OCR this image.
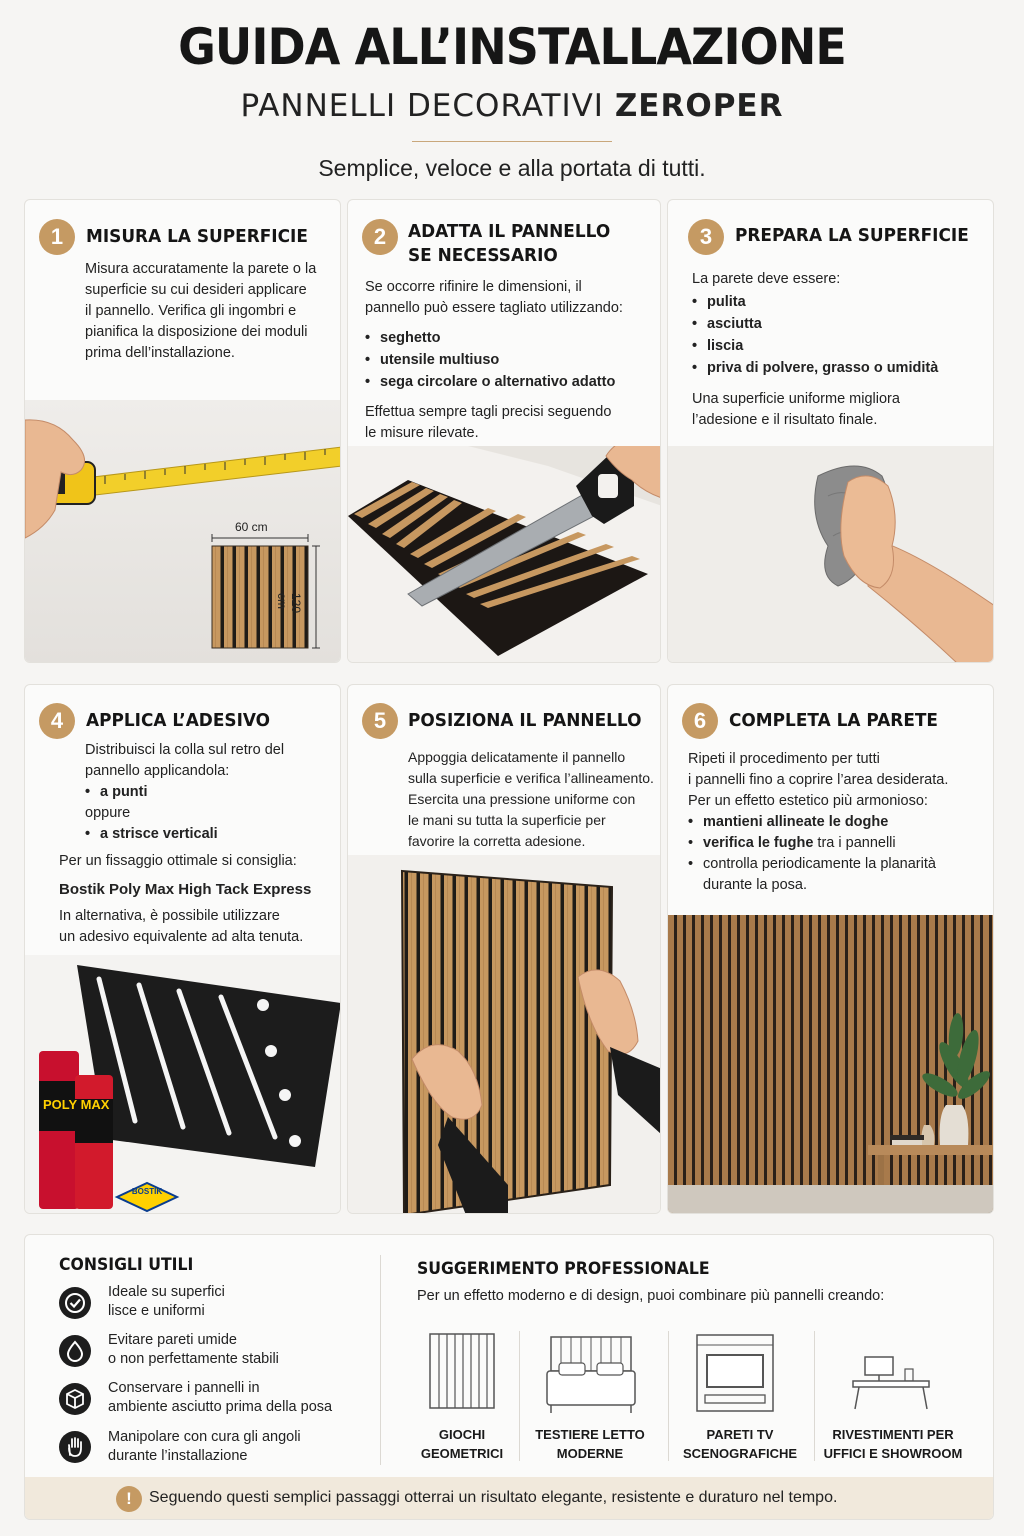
GUIDA ALL’INSTALLAZIONE
PANNELLI DECORATIVI ZEROPER
Semplice, veloce e alla portata di tutti.
1	MISURA LA SUPERFICIE
Misura accuratamente la parete o la
superficie su cui desideri applicare
il pannello. Verifica gli ingombri e
pianifica la disposizione dei moduli
prima dell’installazione.
60 cm
120 cm
2	ADATTA IL PANNELLO
SE NECESSARIO
Se occorre rifinire le dimensioni, il
pannello può essere tagliato utilizzando:
• seghetto
• utensile multiuso
• sega circolare o alternativo adatto
Effettua sempre tagli precisi seguendo
le misure rilevate.
3	PREPARA LA SUPERFICIE
La parete deve essere:
• pulita
• asciutta
• liscia
• priva di polvere, grasso o umidità
Una superficie uniforme migliora
l’adesione e il risultato finale.
4	APPLICA L’ADESIVO
Distribuisci la colla sul retro del
pannello applicandola:
• a punti
oppure
• a strisce verticali
Per un fissaggio ottimale si consiglia:
Bostik Poly Max High Tack Express
In alternativa, è possibile utilizzare
un adesivo equivalente ad alta tenuta.
POLY MAX
BOSTIK
5	POSIZIONA IL PANNELLO
Appoggia delicatamente il pannello
sulla superficie e verifica l’allineamento.
Esercita una pressione uniforme con
le mani su tutta la superficie per
favorire la corretta adesione.
6	COMPLETA LA PARETE
Ripeti il procedimento per tutti
i pannelli fino a coprire l’area desiderata.
Per un effetto estetico più armonioso:
• mantieni allineate le doghe
• verifica le fughe tra i pannelli
• controlla periodicamente la planarità
durante la posa.
CONSIGLI UTILI
Ideale su superfici
lisce e uniformi
Evitare pareti umide
o non perfettamente stabili
Conservare i pannelli in
ambiente asciutto prima della posa
Manipolare con cura gli angoli
durante l’installazione
SUGGERIMENTO PROFESSIONALE
Per un effetto moderno e di design, puoi combinare più pannelli creando:
GIOCHI
GEOMETRICI
TESTIERE LETTO
MODERNE
PARETI TV
SCENOGRAFICHE
RIVESTIMENTI PER
UFFICI E SHOWROOM
!	Seguendo questi semplici passaggi otterrai un risultato elegante, resistente e duraturo nel tempo.
